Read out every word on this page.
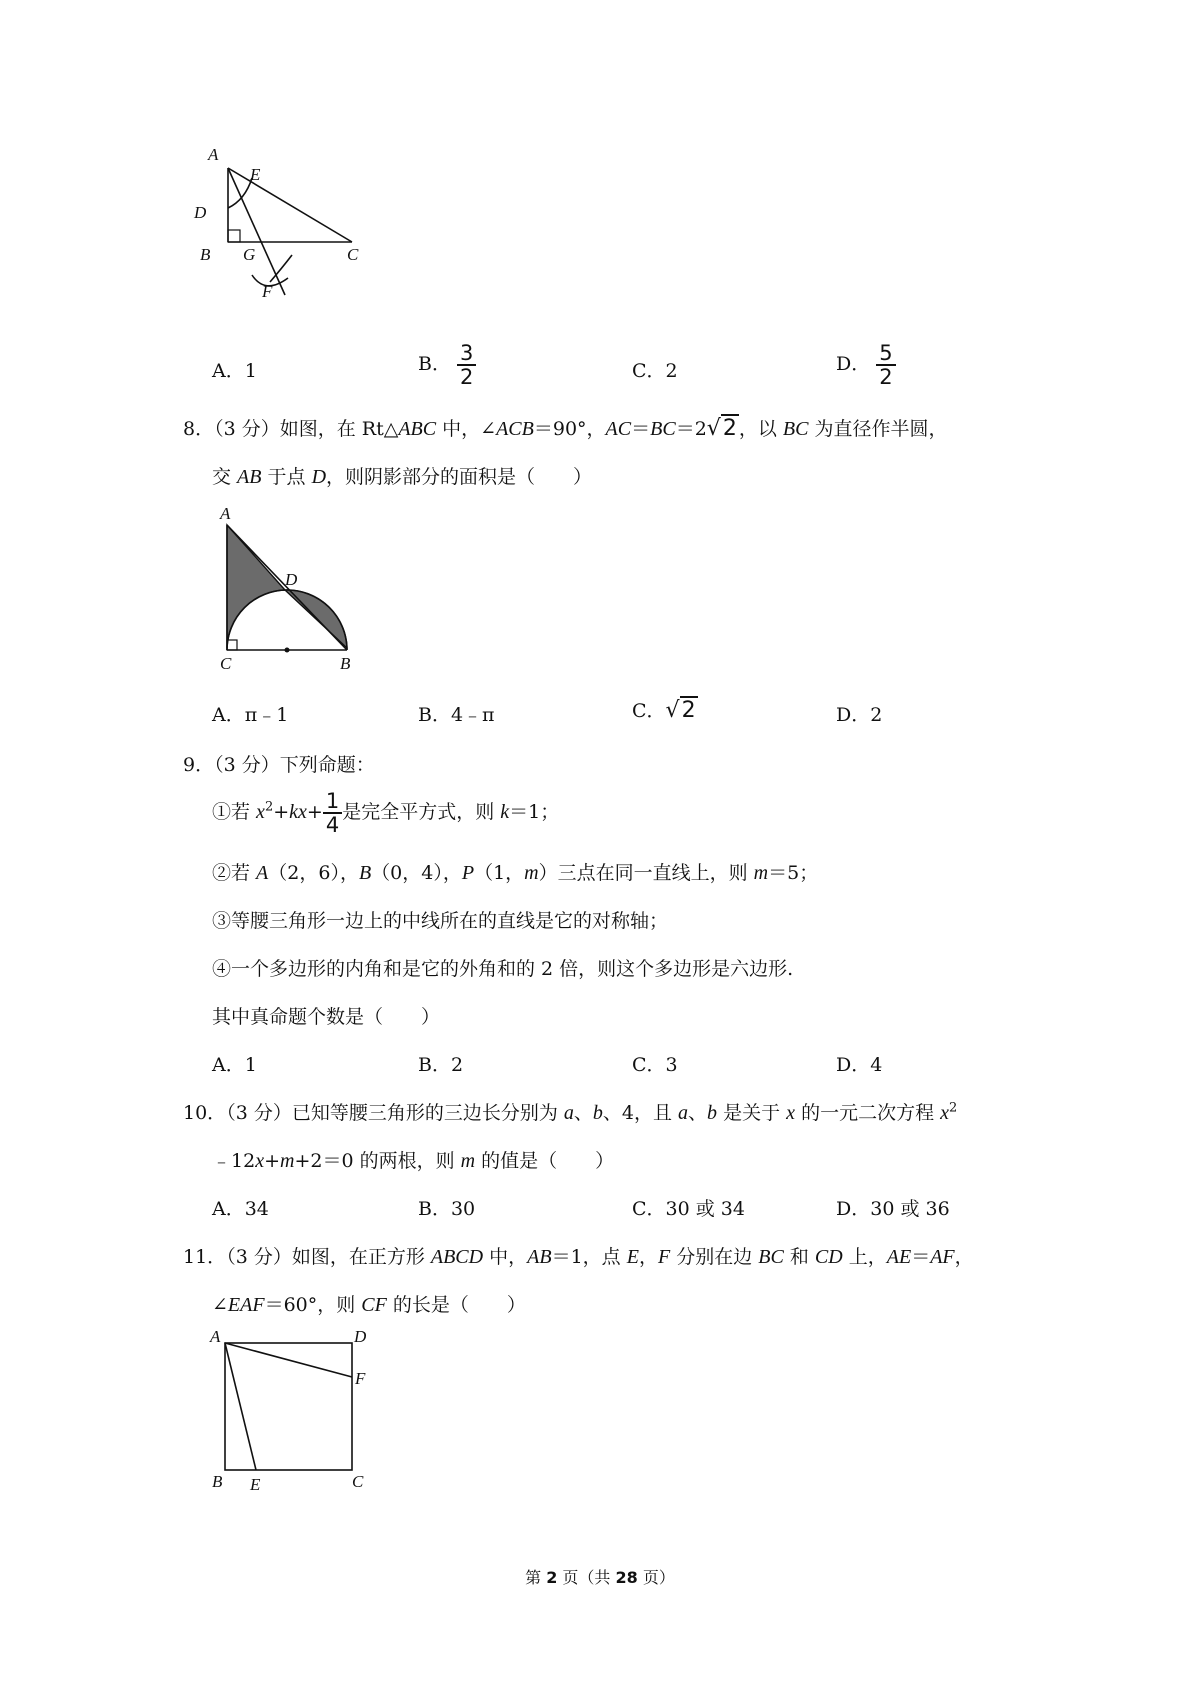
A
E
D
B G	C
F
A．1	B． $\frac{3}{2}$	C．2	D． $\frac{5}{2}$
8．（3 分）如图，在 Rt△ABC 中，∠ACB＝90°，AC＝BC＝2√2 ，以 BC 为直径作半圆，
交 AB 于点 D，则阴影部分的面积是（　　）
A
D
C	B
A．π﹣1	B．4﹣π	C．√2	D．2
9．（3 分）下列命题：
①若 $x^2+kx+ \frac{1}{4}$ 是完全平方式，则 k＝1；
②若 A（2，6），B（0，4），P（1，m）三点在同一直线上，则 m＝5；
③等腰三角形一边上的中线所在的直线是它的对称轴；
④一个多边形的内角和是它的外角和的 2 倍，则这个多边形是六边形.
其中真命题个数是（　　）
A．1	B．2	C．3	D．4
10．（3 分）已知等腰三角形的三边长分别为 a、b、4，且 a、b 是关于 x 的一元二次方程 $x^2$
﹣12x+m+2＝0 的两根，则 m 的值是（　　）
A．34	B．30	C．30 或 34	D．30 或 36
11．（3 分）如图，在正方形 ABCD 中，AB＝1，点 E，F 分别在边 BC 和 CD 上，AE＝AF，
∠EAF＝60°，则 CF 的长是（　　）
A	D
F
B E	C
第 2 页（共 28 页）
